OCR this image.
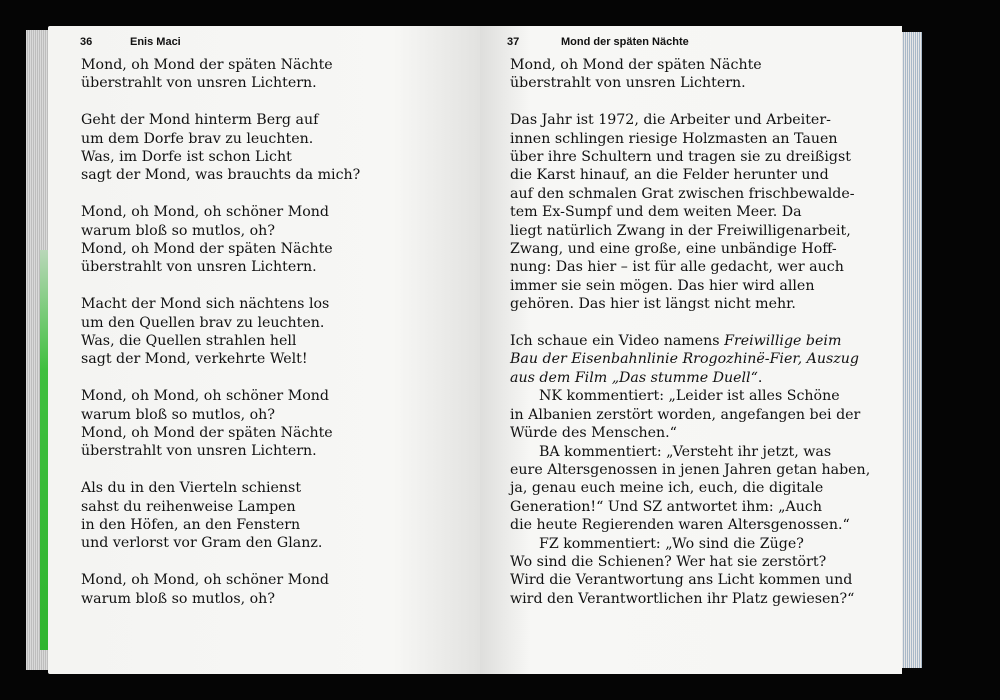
36	Enis Maci
Mond, oh Mond der späten Nächte
überstrahlt von unsren Lichtern.
Geht der Mond hinterm Berg auf
um dem Dorfe brav zu leuchten.
Was, im Dorfe ist schon Licht
sagt der Mond, was brauchts da mich?
Mond, oh Mond, oh schöner Mond
warum bloß so mutlos, oh?
Mond, oh Mond der späten Nächte
überstrahlt von unsren Lichtern.
Macht der Mond sich nächtens los
um den Quellen brav zu leuchten.
Was, die Quellen strahlen hell
sagt der Mond, verkehrte Welt!
Mond, oh Mond, oh schöner Mond
warum bloß so mutlos, oh?
Mond, oh Mond der späten Nächte
überstrahlt von unsren Lichtern.
Als du in den Vierteln schienst
sahst du reihenweise Lampen
in den Höfen, an den Fenstern
und verlorst vor Gram den Glanz.
Mond, oh Mond, oh schöner Mond
warum bloß so mutlos, oh?
37	Mond der späten Nächte
Mond, oh Mond der späten Nächte
überstrahlt von unsren Lichtern.
Das Jahr ist 1972, die Arbeiter und Arbeiter-
innen schlingen riesige Holzmasten an Tauen
über ihre Schultern und tragen sie zu dreißigst
die Karst hinauf, an die Felder herunter und
auf den schmalen Grat zwischen frischbewalde-
tem Ex-Sumpf und dem weiten Meer. Da
liegt natürlich Zwang in der Freiwilligenarbeit,
Zwang, und eine große, eine unbändige Hoff-
nung: Das hier – ist für alle gedacht, wer auch
immer sie sein mögen. Das hier wird allen
gehören. Das hier ist längst nicht mehr.
Ich schaue ein Video namens Freiwillige beim
Bau der Eisenbahnlinie Rrogozhinë-Fier, Auszug
aus dem Film „Das stumme Duell“.
NK kommentiert: „Leider ist alles Schöne
in Albanien zerstört worden, angefangen bei der
Würde des Menschen.“
BA kommentiert: „Versteht ihr jetzt, was
eure Altersgenossen in jenen Jahren getan haben,
ja, genau euch meine ich, euch, die digitale
Generation!“ Und SZ antwortet ihm: „Auch
die heute Regierenden waren Altersgenossen.“
FZ kommentiert: „Wo sind die Züge?
Wo sind die Schienen? Wer hat sie zerstört?
Wird die Verantwortung ans Licht kommen und
wird den Verantwortlichen ihr Platz gewiesen?“
